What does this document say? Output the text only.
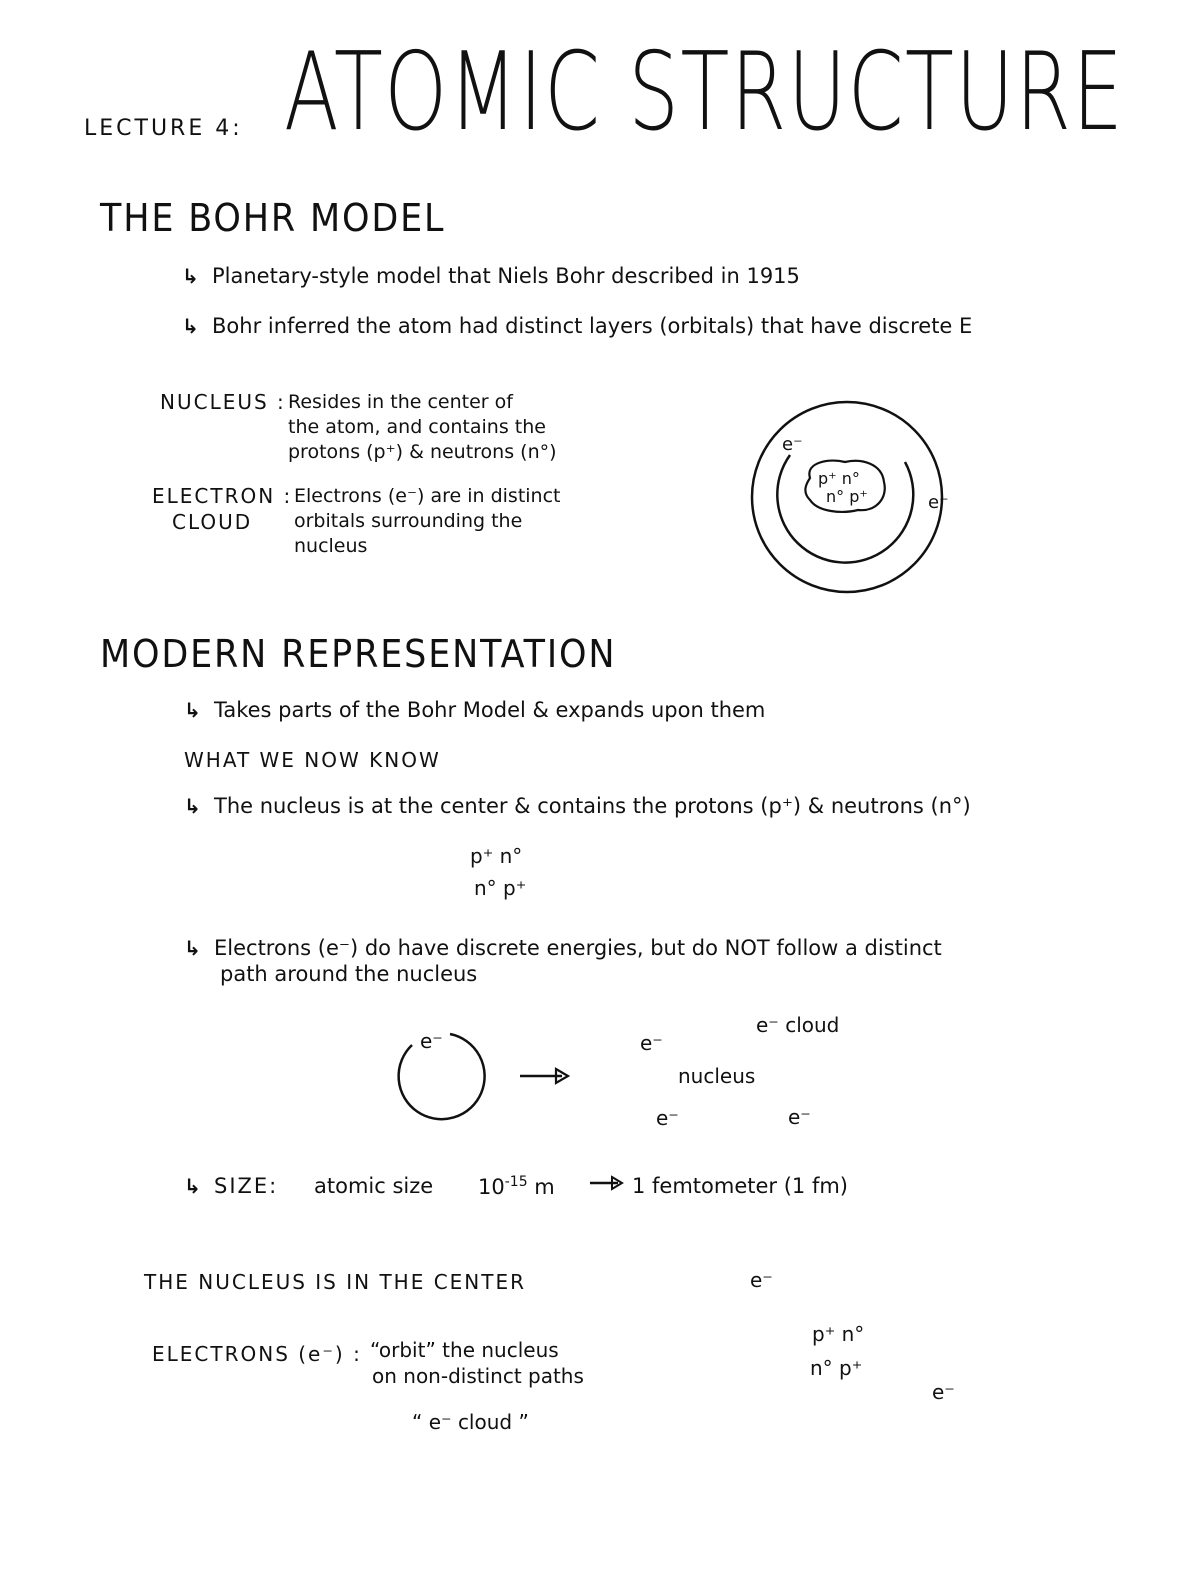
LECTURE 4: ATOMIC STRUCTURE
THE BOHR MODEL
↳ Planetary-style model that Niels Bohr described in 1915
↳ Bohr inferred the atom had distinct layers (orbitals) that have discrete E
NUCLEUS : Resides in the center of
the atom, and contains the
protons (p⁺) & neutrons (n°)
ELECTRON :
CLOUD
Electrons (e⁻) are in distinct
orbitals surrounding the
nucleus
e⁻
e⁻
p⁺ n°
n° p⁺
e⁻
e⁻ cloud
e⁻
nucleus
e⁻	e⁻
MODERN REPRESENTATION
↳ Takes parts of the Bohr Model & expands upon them
WHAT WE NOW KNOW
↳ The nucleus is at the center & contains the protons (p⁺) & neutrons (n°)
p⁺ n°
n° p⁺
↳ Electrons (e⁻) do have discrete energies, but do NOT follow a distinct
path around the nucleus
↳ SIZE: atomic size $10^{-15}$ m	1 femtometer (1 fm)
THE NUCLEUS IS IN THE CENTER
ELECTRONS (e⁻) : “orbit” the nucleus
on non-distinct paths
“ e⁻ cloud ”
e⁻
p⁺ n°
n° p⁺
e⁻
